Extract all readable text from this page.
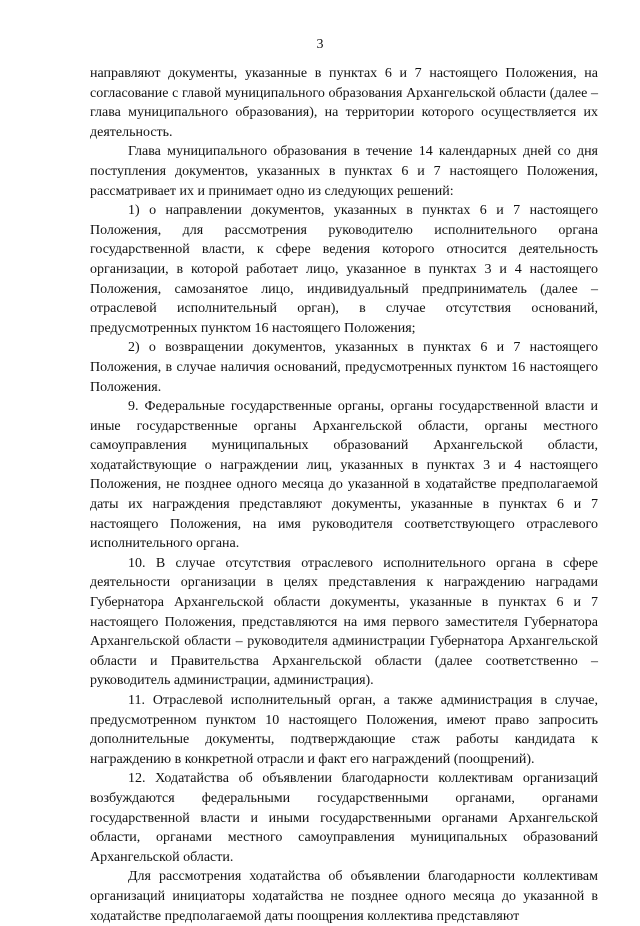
3

направляют документы, указанные в пунктах 6 и 7 настоящего Положения, на согласование с главой муниципального образования Архангельской области (далее – глава муниципального образования), на территории которого осуществляется их деятельность.

Глава муниципального образования в течение 14 календарных дней со дня поступления документов, указанных в пунктах 6 и 7 настоящего Положения, рассматривает их и принимает одно из следующих решений:

1) о направлении документов, указанных в пунктах 6 и 7 настоящего Положения, для рассмотрения руководителю исполнительного органа государственной власти, к сфере ведения которого относится деятельность организации, в которой работает лицо, указанное в пунктах 3 и 4 настоящего Положения, самозанятое лицо, индивидуальный предприниматель (далее – отраслевой исполнительный орган), в случае отсутствия оснований, предусмотренных пунктом 16 настоящего Положения;

2) о возвращении документов, указанных в пунктах 6 и 7 настоящего Положения, в случае наличия оснований, предусмотренных пунктом 16 настоящего Положения.

9. Федеральные государственные органы, органы государственной власти и иные государственные органы Архангельской области, органы местного самоуправления муниципальных образований Архангельской области, ходатайствующие о награждении лиц, указанных в пунктах 3 и 4 настоящего Положения, не позднее одного месяца до указанной в ходатайстве предполагаемой даты их награждения представляют документы, указанные в пунктах 6 и 7 настоящего Положения, на имя руководителя соответствующего отраслевого исполнительного органа.

10. В случае отсутствия отраслевого исполнительного органа в сфере деятельности организации в целях представления к награждению наградами Губернатора Архангельской области документы, указанные в пунктах 6 и 7 настоящего Положения, представляются на имя первого заместителя Губернатора Архангельской области – руководителя администрации Губернатора Архангельской области и Правительства Архангельской области (далее соответственно – руководитель администрации, администрация).

11. Отраслевой исполнительный орган, а также администрация в случае, предусмотренном пунктом 10 настоящего Положения, имеют право запросить дополнительные документы, подтверждающие стаж работы кандидата к награждению в конкретной отрасли и факт его награждений (поощрений).

12. Ходатайства об объявлении благодарности коллективам организаций возбуждаются федеральными государственными органами, органами государственной власти и иными государственными органами Архангельской области, органами местного самоуправления муниципальных образований Архангельской области.

Для рассмотрения ходатайства об объявлении благодарности коллективам организаций инициаторы ходатайства не позднее одного месяца до указанной в ходатайстве предполагаемой даты поощрения коллектива представляют
